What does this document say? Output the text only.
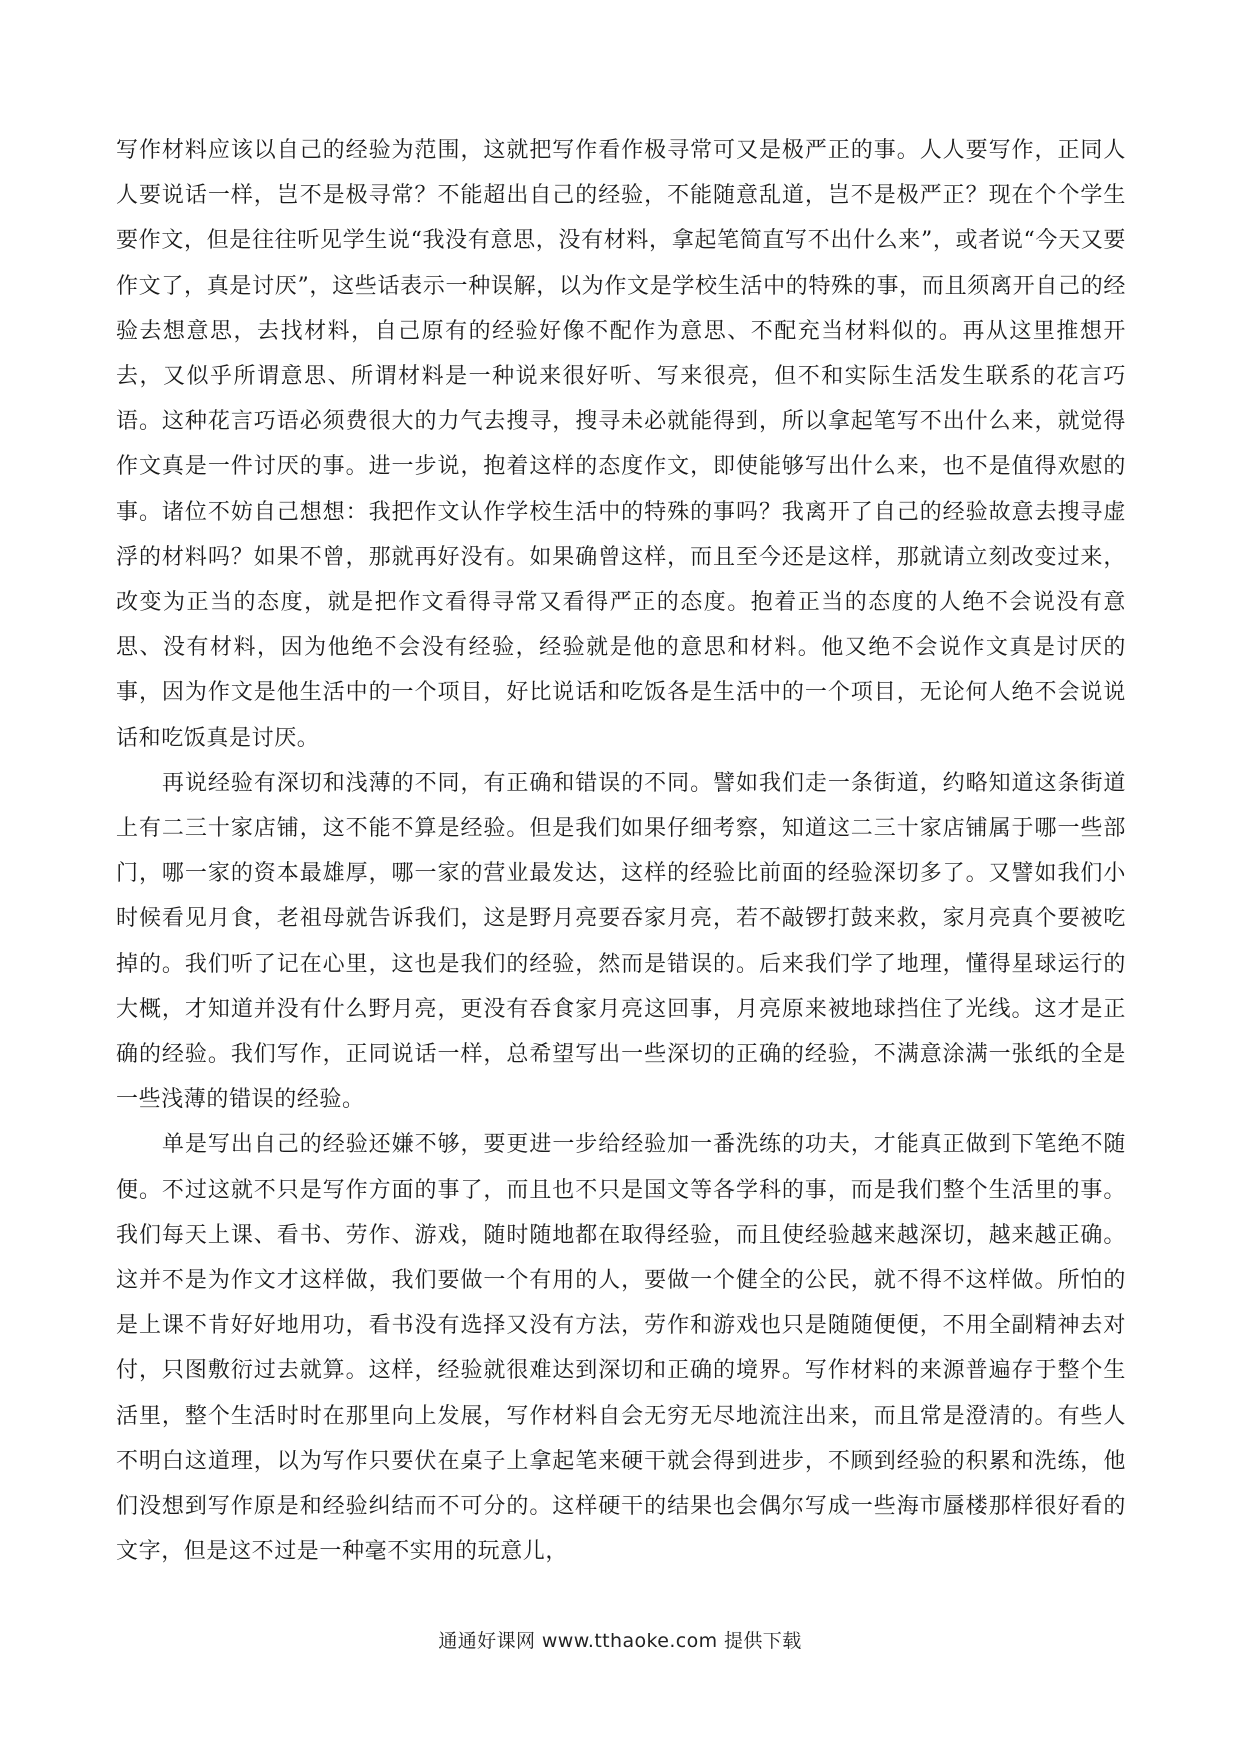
写作材料应该以自己的经验为范围，这就把写作看作极寻常可又是极严正的事。人人要写作，正同人人要说话一样，岂不是极寻常？不能超出自己的经验，不能随意乱道，岂不是极严正？现在个个学生要作文，但是往往听见学生说“我没有意思，没有材料，拿起笔简直写不出什么来”，或者说“今天又要作文了，真是讨厌”，这些话表示一种误解，以为作文是学校生活中的特殊的事，而且须离开自己的经验去想意思，去找材料，自己原有的经验好像不配作为意思、不配充当材料似的。再从这里推想开去，又似乎所谓意思、所谓材料是一种说来很好听、写来很亮，但不和实际生活发生联系的花言巧语。这种花言巧语必须费很大的力气去搜寻，搜寻未必就能得到，所以拿起笔写不出什么来，就觉得作文真是一件讨厌的事。进一步说，抱着这样的态度作文，即使能够写出什么来，也不是值得欢慰的事。诸位不妨自己想想：我把作文认作学校生活中的特殊的事吗？我离开了自己的经验故意去搜寻虚浮的材料吗？如果不曾，那就再好没有。如果确曾这样，而且至今还是这样，那就请立刻改变过来，改变为正当的态度，就是把作文看得寻常又看得严正的态度。抱着正当的态度的人绝不会说没有意思、没有材料，因为他绝不会没有经验，经验就是他的意思和材料。他又绝不会说作文真是讨厌的事，因为作文是他生活中的一个项目，好比说话和吃饭各是生活中的一个项目，无论何人绝不会说说话和吃饭真是讨厌。

再说经验有深切和浅薄的不同，有正确和错误的不同。譬如我们走一条街道，约略知道这条街道上有二三十家店铺，这不能不算是经验。但是我们如果仔细考察，知道这二三十家店铺属于哪一些部门，哪一家的资本最雄厚，哪一家的营业最发达，这样的经验比前面的经验深切多了。又譬如我们小时候看见月食，老祖母就告诉我们，这是野月亮要吞家月亮，若不敲锣打鼓来救，家月亮真个要被吃掉的。我们听了记在心里，这也是我们的经验，然而是错误的。后来我们学了地理，懂得星球运行的大概，才知道并没有什么野月亮，更没有吞食家月亮这回事，月亮原来被地球挡住了光线。这才是正确的经验。我们写作，正同说话一样，总希望写出一些深切的正确的经验，不满意涂满一张纸的全是一些浅薄的错误的经验。

单是写出自己的经验还嫌不够，要更进一步给经验加一番洗练的功夫，才能真正做到下笔绝不随便。不过这就不只是写作方面的事了，而且也不只是国文等各学科的事，而是我们整个生活里的事。我们每天上课、看书、劳作、游戏，随时随地都在取得经验，而且使经验越来越深切，越来越正确。这并不是为作文才这样做，我们要做一个有用的人，要做一个健全的公民，就不得不这样做。所怕的是上课不肯好好地用功，看书没有选择又没有方法，劳作和游戏也只是随随便便，不用全副精神去对付，只图敷衍过去就算。这样，经验就很难达到深切和正确的境界。写作材料的来源普遍存于整个生活里，整个生活时时在那里向上发展，写作材料自会无穷无尽地流注出来，而且常是澄清的。有些人不明白这道理，以为写作只要伏在桌子上拿起笔来硬干就会得到进步，不顾到经验的积累和洗练，他们没想到写作原是和经验纠结而不可分的。这样硬干的结果也会偶尔写成一些海市蜃楼那样很好看的文字，但是这不过是一种毫不实用的玩意儿，

通通好课网 www.tthaoke.com 提供下载
